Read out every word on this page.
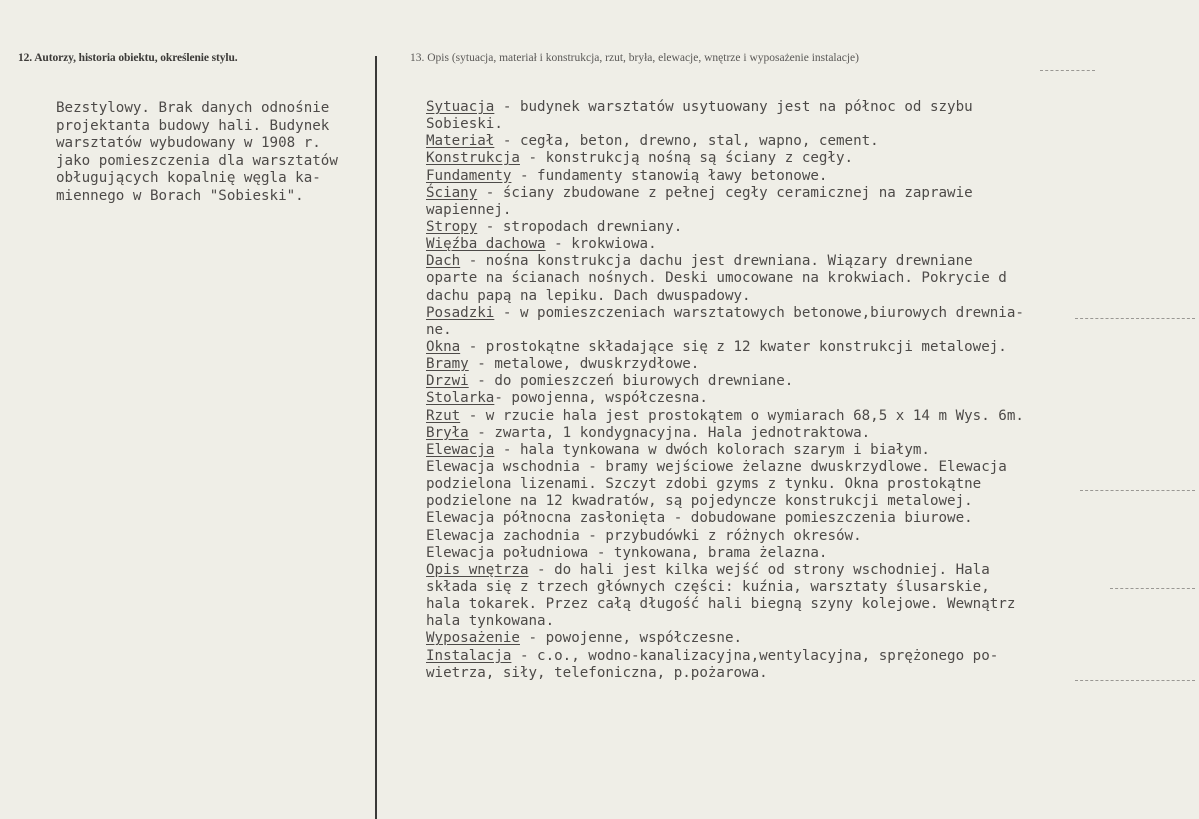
12. Autorzy, historia obiektu, określenie stylu.	13. Opis (sytuacja, materiał i konstrukcja, rzut, bryła, elewacje, wnętrze i wyposażenie instalacje)
Bezstylowy. Brak danych odnośnie
projektanta budowy hali. Budynek
warsztatów wybudowany w 1908 r.
jako pomieszczenia dla warsztatów
obługujących kopalnię węgla ka-
miennego w Borach "Sobieski".
Sytuacja - budynek warsztatów usytuowany jest na północ od szybu
Sobieski.
Materiał - cegła, beton, drewno, stal, wapno, cement.
Konstrukcja - konstrukcją nośną są ściany z cegły.
Fundamenty - fundamenty stanowią ławy betonowe.
Ściany - ściany zbudowane z pełnej cegły ceramicznej na zaprawie
wapiennej.
Stropy - stropodach drewniany.
Więźba dachowa - krokwiowa.
Dach - nośna konstrukcja dachu jest drewniana. Wiązary drewniane
oparte na ścianach nośnych. Deski umocowane na krokwiach. Pokrycie d
dachu papą na lepiku. Dach dwuspadowy.
Posadzki - w pomieszczeniach warsztatowych betonowe,biurowych drewnia-
ne.
Okna - prostokątne składające się z 12 kwater konstrukcji metalowej.
Bramy - metalowe, dwuskrzydłowe.
Drzwi - do pomieszczeń biurowych drewniane.
Stolarka- powojenna, współczesna.
Rzut - w rzucie hala jest prostokątem o wymiarach 68,5 x 14 m Wys. 6m.
Bryła - zwarta, 1 kondygnacyjna. Hala jednotraktowa.
Elewacja - hala tynkowana w dwóch kolorach szarym i białym.
Elewacja wschodnia - bramy wejściowe żelazne dwuskrzydlowe. Elewacja
podzielona lizenami. Szczyt zdobi gzyms z tynku. Okna prostokątne
podzielone na 12 kwadratów, są pojedyncze konstrukcji metalowej.
Elewacja północna zasłonięta - dobudowane pomieszczenia biurowe.
Elewacja zachodnia - przybudówki z różnych okresów.
Elewacja południowa - tynkowana, brama żelazna.
Opis wnętrza - do hali jest kilka wejść od strony wschodniej. Hala
składa się z trzech głównych części: kuźnia, warsztaty ślusarskie,
hala tokarek. Przez całą długość hali biegną szyny kolejowe. Wewnątrz
hala tynkowana.
Wyposażenie - powojenne, współczesne.
Instalacja - c.o., wodno-kanalizacyjna,wentylacyjna, sprężonego po-
wietrza, siły, telefoniczna, p.pożarowa.
